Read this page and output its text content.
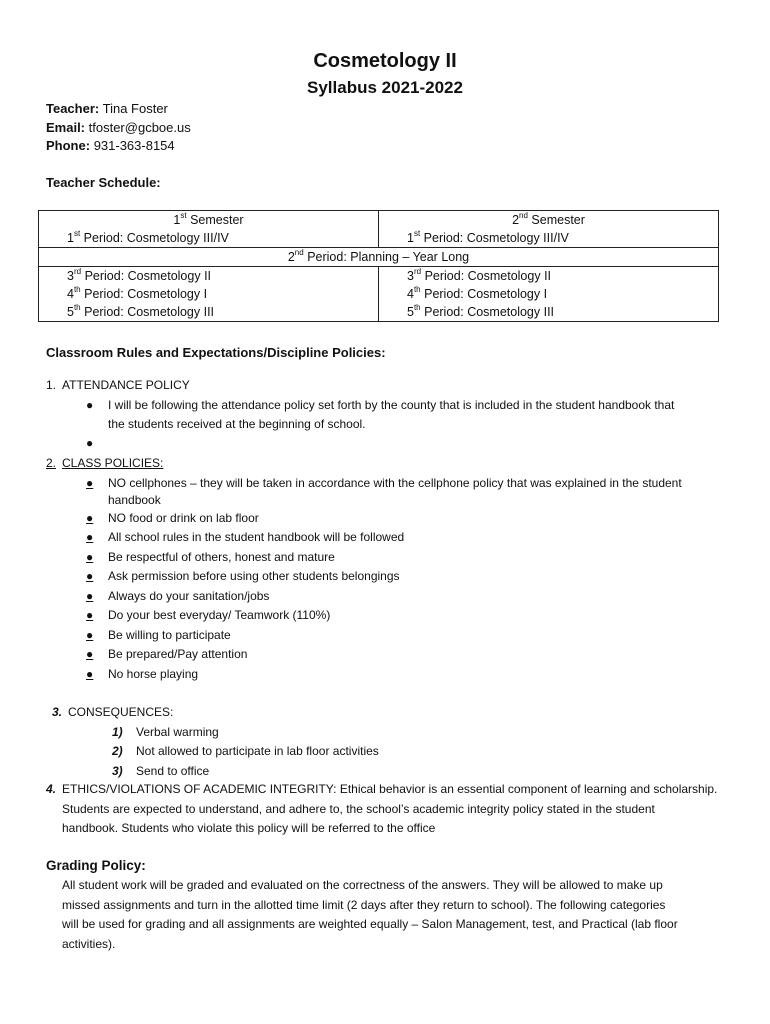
Cosmetology II
Syllabus 2021-2022
Teacher: Tina Foster
Email: tfoster@gcboe.us
Phone: 931-363-8154
Teacher Schedule:
1st Semester	2nd Semester
1st Period: Cosmetology III/IV	1st Period: Cosmetology III/IV
2nd Period: Planning – Year Long	
3rd Period: Cosmetology II	3rd Period: Cosmetology II
4th Period: Cosmetology I	4th Period: Cosmetology I
5th Period: Cosmetology III	5th Period: Cosmetology III
Classroom Rules and Expectations/Discipline Policies:
1. ATTENDANCE POLICY
● I will be following the attendance policy set forth by the county that is included in the student handbook that
the students received at the beginning of school.
●
2. CLASS POLICIES:
● NO cellphones – they will be taken in accordance with the cellphone policy that was explained in the student
handbook
● NO food or drink on lab floor
● All school rules in the student handbook will be followed
● Be respectful of others, honest and mature
● Ask permission before using other students belongings
● Always do your sanitation/jobs
● Do your best everyday/ Teamwork (110%)
● Be willing to participate
● Be prepared/Pay attention
● No horse playing
3. CONSEQUENCES:
1) Verbal warming
2) Not allowed to participate in lab floor activities
3) Send to office
4. ETHICS/VIOLATIONS OF ACADEMIC INTEGRITY: Ethical behavior is an essential component of learning and scholarship.
Students are expected to understand, and adhere to, the school’s academic integrity policy stated in the student
handbook. Students who violate this policy will be referred to the office
Grading Policy:
All student work will be graded and evaluated on the correctness of the answers. They will be allowed to make up
missed assignments and turn in the allotted time limit (2 days after they return to school). The following categories
will be used for grading and all assignments are weighted equally – Salon Management, test, and Practical (lab floor
activities).
